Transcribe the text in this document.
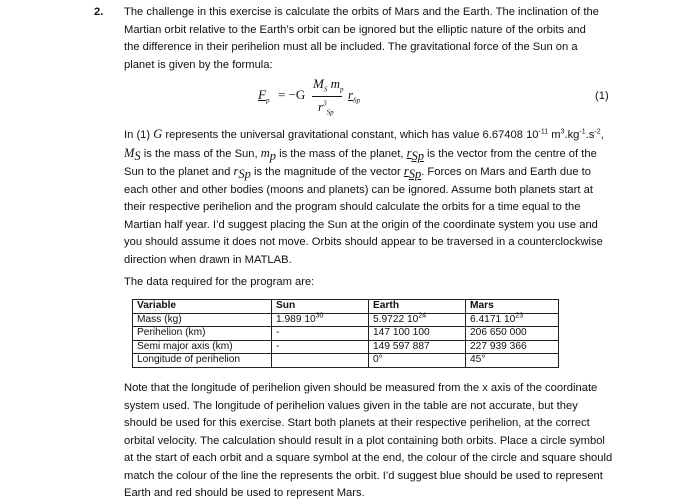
2. The challenge in this exercise is calculate the orbits of Mars and the Earth. The inclination of the
Martian orbit relative to the Earth’s orbit can be ignored but the elliptic nature of the orbits and
the difference in their perihelion must all be included. The gravitational force of the Sun on a
planet is given by the formula:
$F_p = -G$
$M_S$ $m_p$
$r^3_{Sp}$
$r_{Sp}$	(1)
In (1) G represents the universal gravitational constant, which has value 6.67408 $10^{-11}$ $m^3.kg^{-1}.s^{-2}$,
$M_S$ is the mass of the Sun, $m_p$ is the mass of the planet, $r_{Sp}$ is the vector from the centre of the
Sun to the planet and $r_{Sp}$ is the magnitude of the vector $r_{Sp}$. Forces on Mars and Earth due to
each other and other bodies (moons and planets) can be ignored. Assume both planets start at
their respective perihelion and the program should calculate the orbits for a time equal to the
Martian half year. I’d suggest placing the Sun at the origin of the coordinate system you use and
you should assume it does not move. Orbits should appear to be traversed in a counterclockwise
direction when drawn in MATLAB.
The data required for the program are:
Variable	Sun	Earth	Mars
Mass (kg)	1.989 $10^{30}$	5.9722 $10^{24}$	6.4171 $10^{23}$
Perihelion (km)	-	147 100 100	206 650 000
Semi major axis (km)	-	149 597 887	227 939 366
Longitude of perihelion		0°	45°
Note that the longitude of perihelion given should be measured from the x axis of the coordinate
system used. The longitude of perihelion values given in the table are not accurate, but they
should be used for this exercise. Start both planets at their respective perihelion, at the correct
orbital velocity. The calculation should result in a plot containing both orbits. Place a circle symbol
at the start of each orbit and a square symbol at the end, the colour of the circle and square should
match the colour of the line the represents the orbit. I’d suggest blue should be used to represent
Earth and red should be used to represent Mars.
